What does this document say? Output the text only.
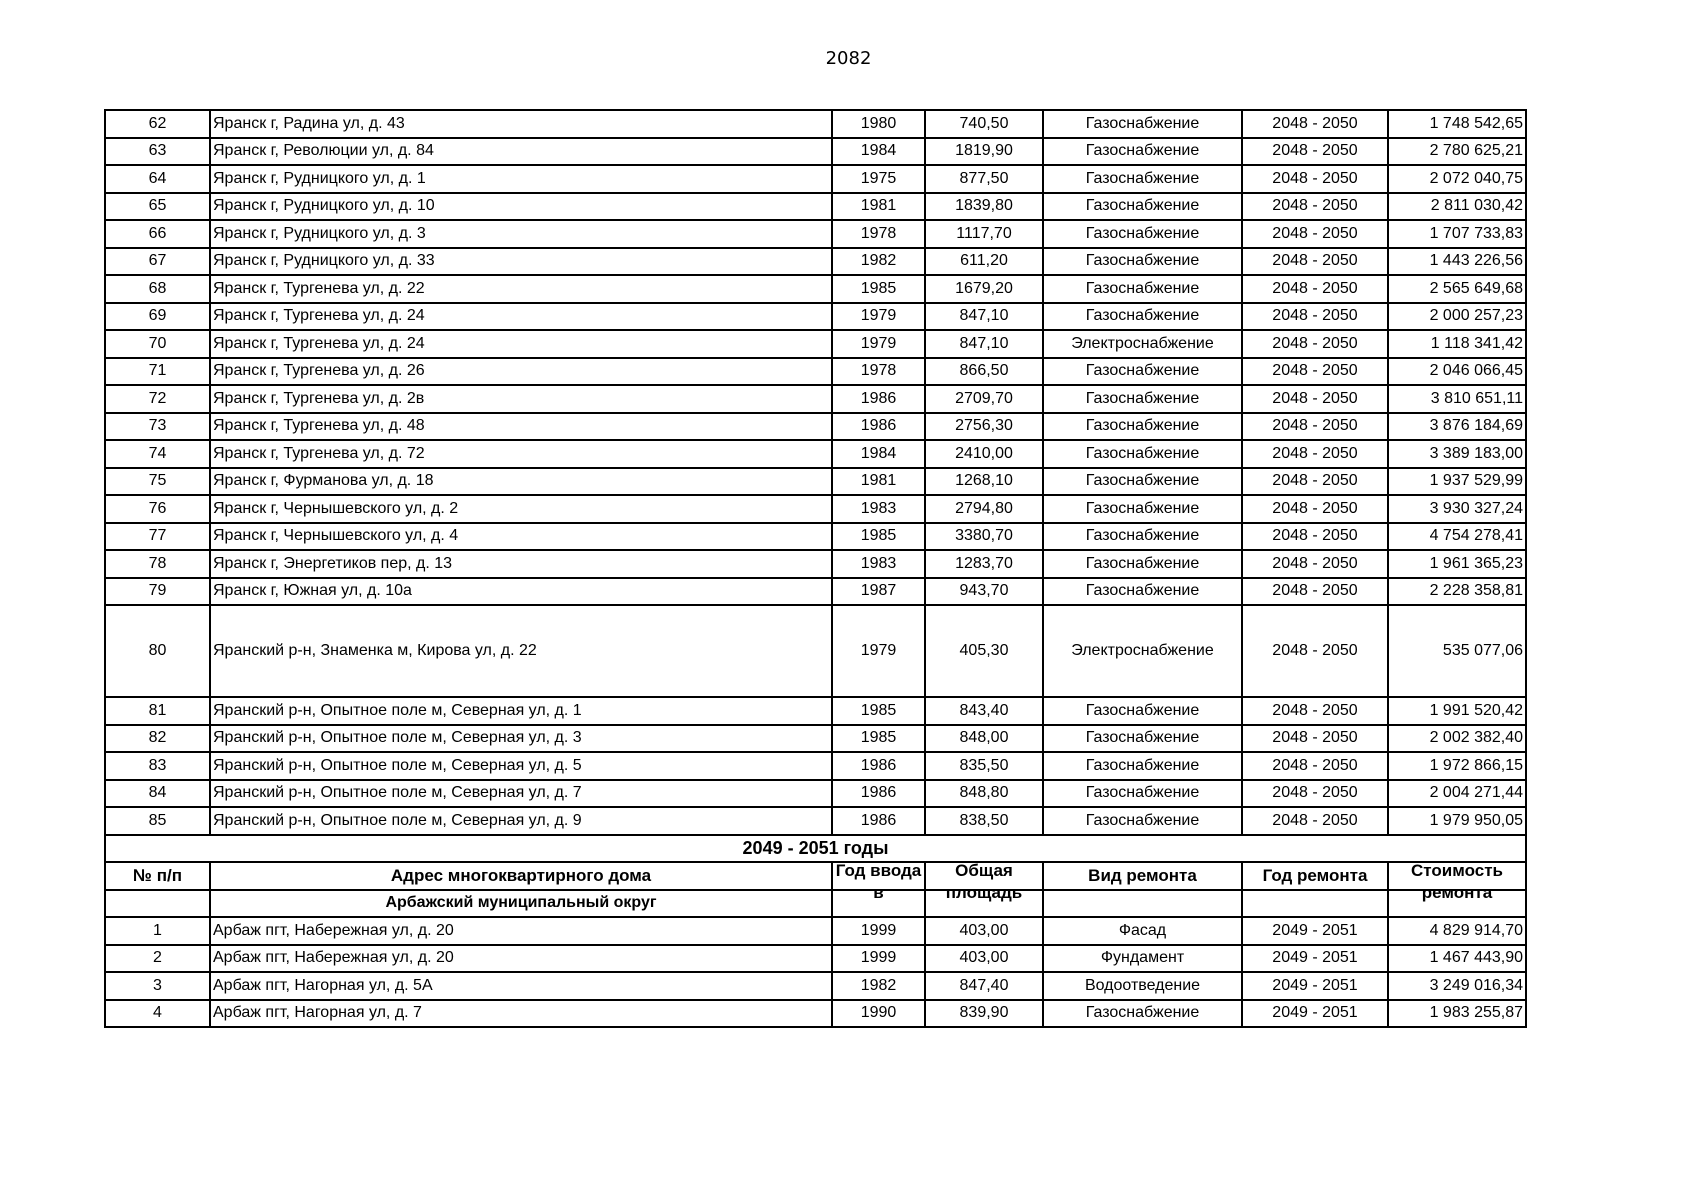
2082
62	Яранск г, Радина ул, д. 43	1980	740,50	Газоснабжение	2048 - 2050	1 748 542,65
63	Яранск г, Революции ул, д. 84	1984	1819,90	Газоснабжение	2048 - 2050	2 780 625,21
64	Яранск г, Рудницкого ул, д. 1	1975	877,50	Газоснабжение	2048 - 2050	2 072 040,75
65	Яранск г, Рудницкого ул, д. 10	1981	1839,80	Газоснабжение	2048 - 2050	2 811 030,42
66	Яранск г, Рудницкого ул, д. 3	1978	1117,70	Газоснабжение	2048 - 2050	1 707 733,83
67	Яранск г, Рудницкого ул, д. 33	1982	611,20	Газоснабжение	2048 - 2050	1 443 226,56
68	Яранск г, Тургенева ул, д. 22	1985	1679,20	Газоснабжение	2048 - 2050	2 565 649,68
69	Яранск г, Тургенева ул, д. 24	1979	847,10	Газоснабжение	2048 - 2050	2 000 257,23
70	Яранск г, Тургенева ул, д. 24	1979	847,10	Электроснабжение	2048 - 2050	1 118 341,42
71	Яранск г, Тургенева ул, д. 26	1978	866,50	Газоснабжение	2048 - 2050	2 046 066,45
72	Яранск г, Тургенева ул, д. 2в	1986	2709,70	Газоснабжение	2048 - 2050	3 810 651,11
73	Яранск г, Тургенева ул, д. 48	1986	2756,30	Газоснабжение	2048 - 2050	3 876 184,69
74	Яранск г, Тургенева ул, д. 72	1984	2410,00	Газоснабжение	2048 - 2050	3 389 183,00
75	Яранск г, Фурманова ул, д. 18	1981	1268,10	Газоснабжение	2048 - 2050	1 937 529,99
76	Яранск г, Чернышевского ул, д. 2	1983	2794,80	Газоснабжение	2048 - 2050	3 930 327,24
77	Яранск г, Чернышевского ул, д. 4	1985	3380,70	Газоснабжение	2048 - 2050	4 754 278,41
78	Яранск г, Энергетиков пер, д. 13	1983	1283,70	Газоснабжение	2048 - 2050	1 961 365,23
79	Яранск г, Южная ул, д. 10а	1987	943,70	Газоснабжение	2048 - 2050	2 228 358,81
80	Яранский р-н, Знаменка м, Кирова ул, д. 22	1979	405,30	Электроснабжение	2048 - 2050	535 077,06
81	Яранский р-н, Опытное поле м, Северная ул, д. 1	1985	843,40	Газоснабжение	2048 - 2050	1 991 520,42
82	Яранский р-н, Опытное поле м, Северная ул, д. 3	1985	848,00	Газоснабжение	2048 - 2050	2 002 382,40
83	Яранский р-н, Опытное поле м, Северная ул, д. 5	1986	835,50	Газоснабжение	2048 - 2050	1 972 866,15
84	Яранский р-н, Опытное поле м, Северная ул, д. 7	1986	848,80	Газоснабжение	2048 - 2050	2 004 271,44
85	Яранский р-н, Опытное поле м, Северная ул, д. 9	1986	838,50	Газоснабжение	2048 - 2050	1 979 950,05
2049 - 2051 годы						
№ п/п	Адрес многоквартирного дома	Год ввода в	Общая площадь	Вид ремонта	Год ремонта	Стоимость ремонта

	Арбажский муниципальный округ					
1	Арбаж пгт, Набережная ул, д. 20	1999	403,00	Фасад	2049 - 2051	4 829 914,70
2	Арбаж пгт, Набережная ул, д. 20	1999	403,00	Фундамент	2049 - 2051	1 467 443,90
3	Арбаж пгт, Нагорная ул, д. 5А	1982	847,40	Водоотведение	2049 - 2051	3 249 016,34
4	Арбаж пгт, Нагорная ул, д. 7	1990	839,90	Газоснабжение	2049 - 2051	1 983 255,87
